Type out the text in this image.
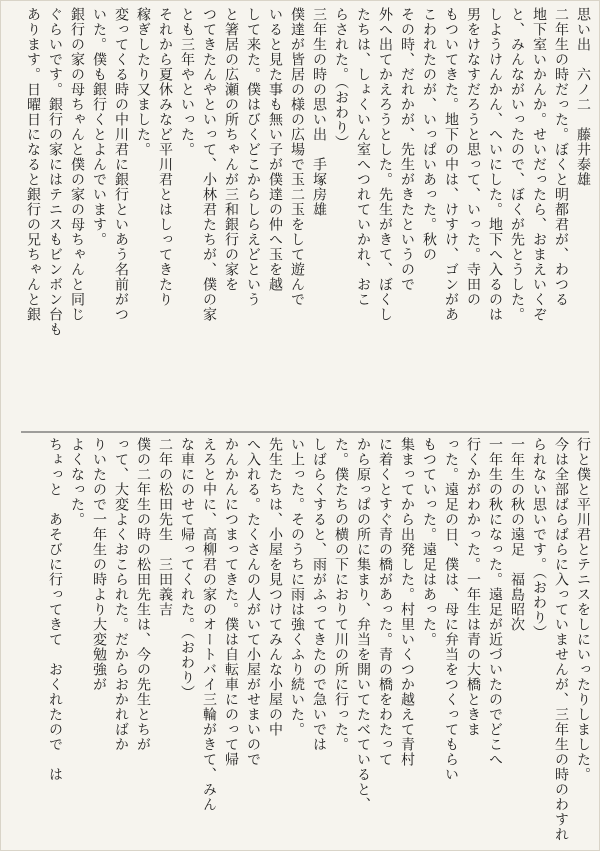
思い出　六ノ二　藤井泰雄
二年生の時だった。ぼくと明都君が、わつる
地下室いかんか。せいだったら、おまえいくぞ
と、みんながいったので、ぼくが先とうした。
しようけんかん、へいにした。地下へ入るのは
男をけなすだろうと思って、いった。寺田の
もついてきた。地下の中は、けすけ、ゴンがあ
こわれたのが、いっぱいあった。秋の
その時、だれかが、先生がきたというので
外へ出てかえろうとした。先生がきて、ぼくし
たちは、しょくいん室へつれていかれ、おこ
らされた。（おわり）
三年生の時の思い出　手塚房雄
僕達が皆居の様の広場で玉二玉をして遊んで
いると見た事も無い子が僕達の仲へ玉を越
して来た。僕はびくどこからしらえどという
と箸居の広瀬の所ちゃんが三和銀行の家を
つてきたんやといって、小林君たちが、僕の家
とも三年やといった。
それから夏休みなど平川君とはしってきたり
稼ぎしたり又ました。
変ってくる時の中川君に銀行といあう名前がつ
いた。僕も銀行くとよんでいます。
銀行の家の母ちゃんと僕の家の母ちゃんと同じ
ぐらいです。銀行の家にはテニスもビンボン台も
あります。日曜日になると銀行の兄ちゃんと銀
行と僕と平川君とテニスをしにいったりしました。
今は全部ばらばらに入っていませんが、三年生の時のわすれ
られない思いです。（おわり）
一年生の秋の遠足　福島昭次
一年生の秋になった。遠足が近づいたのでどこへ
行くかがわかった。一年生は青の大橋ときま
った。遠足の日、僕は、母に弁当をつくってもらい
もつていった。遠足はあった。
集まってから出発した。村里いくつか越えて青村
に着くとすぐ青の橋があった。青の橋をわたって
から原っぱの所に集まり、弁当を開いてたべていると、
た。僕たちの横の下におりて川の所に行った。
しばらくすると、雨がふってきたので急いでは
い上った。そのうちに雨は強くふり続いた。
先生たちは、小屋を見つけてみんな小屋の中
へ入れる。たくさんの人がいて小屋がせまいので
かんかんにつまってきた。僕は自転車にのって帰
えろと中に、高柳君の家のオートバイ三輪がきて、みん
な車にのせて帰ってくれた。（おわり）
二年の松田先生　三田義吉
僕の二年生の時の松田先生は、今の先生とちが
って、大変よくおこられた。だからおかればか
りいたので一年生の時より大変勉強が
よくなった。
ちょっと　あそびに行ってきて　おくれたので　は
